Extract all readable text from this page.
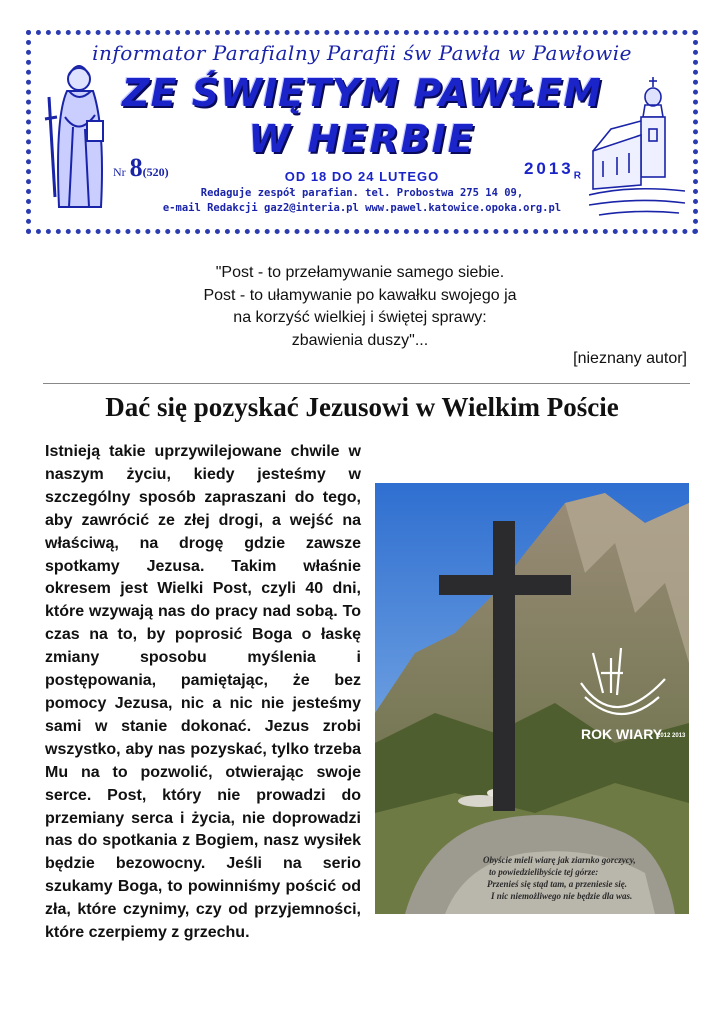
informator Parafialny Parafii św Pawła w Pawłowie
ZE ŚWIĘTYM PAWŁEM
W HERBIE
Nr 8(520)	OD 18 DO 24 LUTEGO	$2013_R$
Redaguje zespół parafian. tel. Probostwa 275 14 09,
e-mail Redakcji gaz2@interia.pl www.pawel.katowice.opoka.org.pl
"Post - to przełamywanie samego siebie.
Post - to ułamywanie po kawałku swojego ja
na korzyść wielkiej i świętej sprawy:
zbawienia duszy"...
[nieznany autor]
Dać się pozyskać Jezusowi w Wielkim Poście
ROK WIARY
2012 2013
Obyście mieli wiarę jak ziarnko gorczycy,
to powiedzielibyście tej górze:
Przenieś się stąd tam, a przeniesie się.
I nic niemożliwego nie będzie dla was.
Istnieją takie uprzywilejowane chwile w naszym życiu, kiedy jesteśmy w szczególny sposób zapraszani do tego, aby zawrócić ze złej drogi, a wejść na właściwą, na drogę gdzie zawsze spotkamy Jezusa. Takim właśnie okresem jest Wielki Post, czyli 40 dni, które wzywają nas do pracy nad sobą. To czas na to, by poprosić Boga o łaskę zmiany sposobu myślenia i postępowania, pamiętając, że bez pomocy Jezusa, nic a nic nie jesteśmy sami w stanie dokonać. Jezus zrobi wszystko, aby nas pozyskać, tylko trzeba Mu na to pozwolić, otwierając swoje serce. Post, który nie prowadzi do przemiany serca i życia, nie doprowadzi nas do spotkania z Bogiem, nasz wysiłek będzie bezowocny. Jeśli na serio szukamy Boga, to powinniśmy pościć od zła, które czynimy, czy od przyjemności, które czerpiemy z grzechu.
